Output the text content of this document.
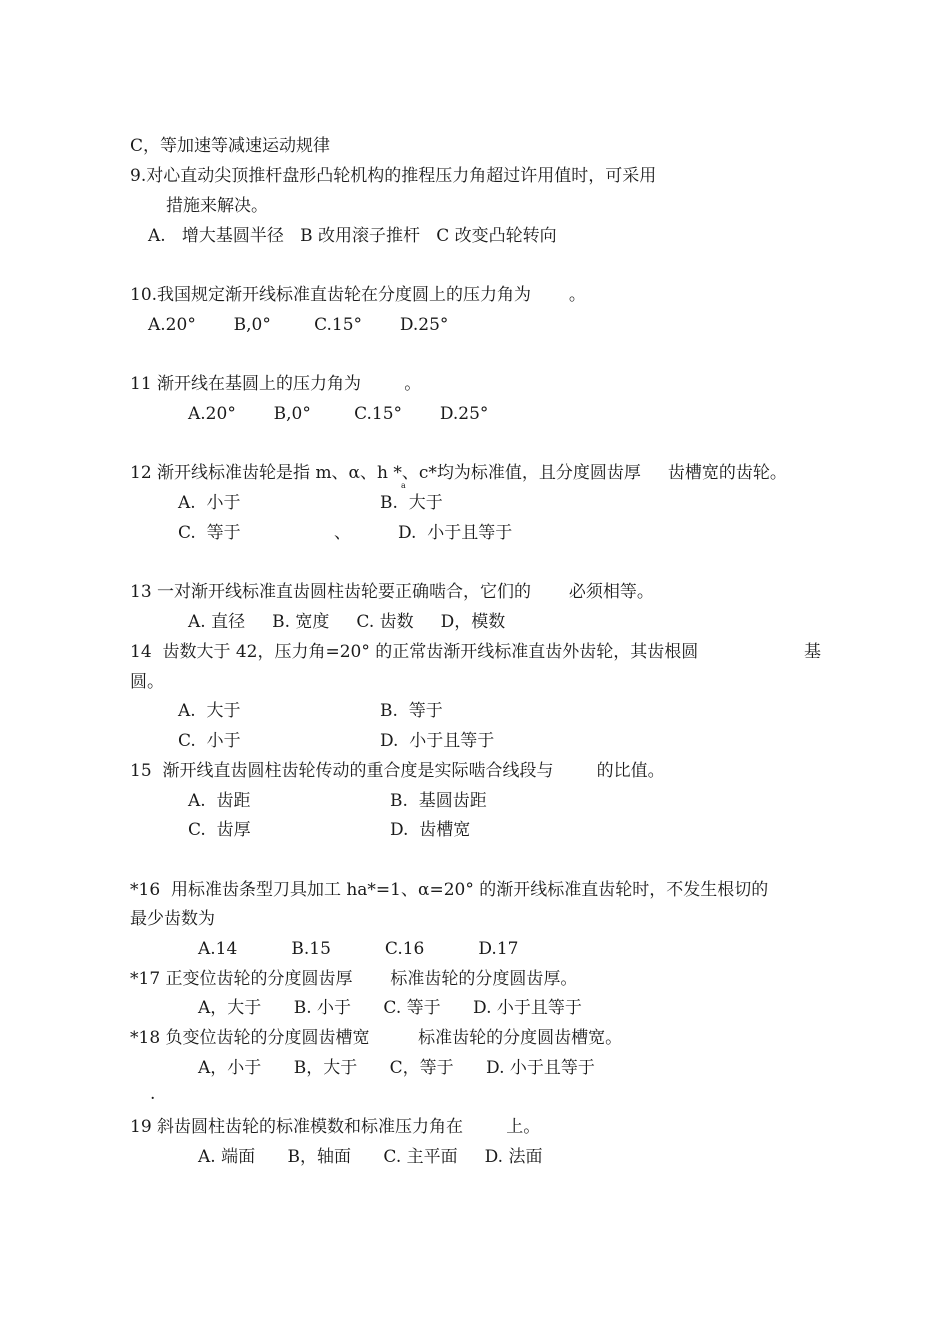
C，等加速等减速运动规律
9.对心直动尖顶推杆盘形凸轮机构的推程压力角超过许用值时，可采用
措施来解决。
A.   增大基圆半径   B 改用滚子推杆   C 改变凸轮转向
10.我国规定渐开线标准直齿轮在分度圆上的压力角为       。
A.20°       B,0°        C.15°       D.25°
11 渐开线在基圆上的压力角为        。
A.20°       B,0°        C.15°       D.25°
12 渐开线标准齿轮是指 m、α、h *、c*均为标准值，且分度圆齿厚     齿槽宽的齿轮。
a
A.  小于	B.  大于
C.  等于	、	D.  小于且等于
13 一对渐开线标准直齿圆柱齿轮要正确啮合，它们的       必须相等。
A. 直径     B. 宽度     C. 齿数     D，模数
14  齿数大于 42，压力角=20° 的正常齿渐开线标准直齿外齿轮，其齿根圆	基
圆。
A.  大于	B.  等于
C.  小于	D.  小于且等于
15  渐开线直齿圆柱齿轮传动的重合度是实际啮合线段与        的比值。
A.  齿距	B.  基圆齿距
C.  齿厚	D.  齿槽宽
*16  用标准齿条型刀具加工 ha*=1、α=20° 的渐开线标准直齿轮时，不发生根切的
最少齿数为
A.14          B.15          C.16          D.17
*17 正变位齿轮的分度圆齿厚       标准齿轮的分度圆齿厚。
A，大于      B. 小于      C. 等于      D. 小于且等于
*18 负变位齿轮的分度圆齿槽宽         标准齿轮的分度圆齿槽宽。
A，小于      B，大于      C，等于      D. 小于且等于
.
19 斜齿圆柱齿轮的标准模数和标准压力角在        上。
A. 端面      B，轴面      C. 主平面     D. 法面
